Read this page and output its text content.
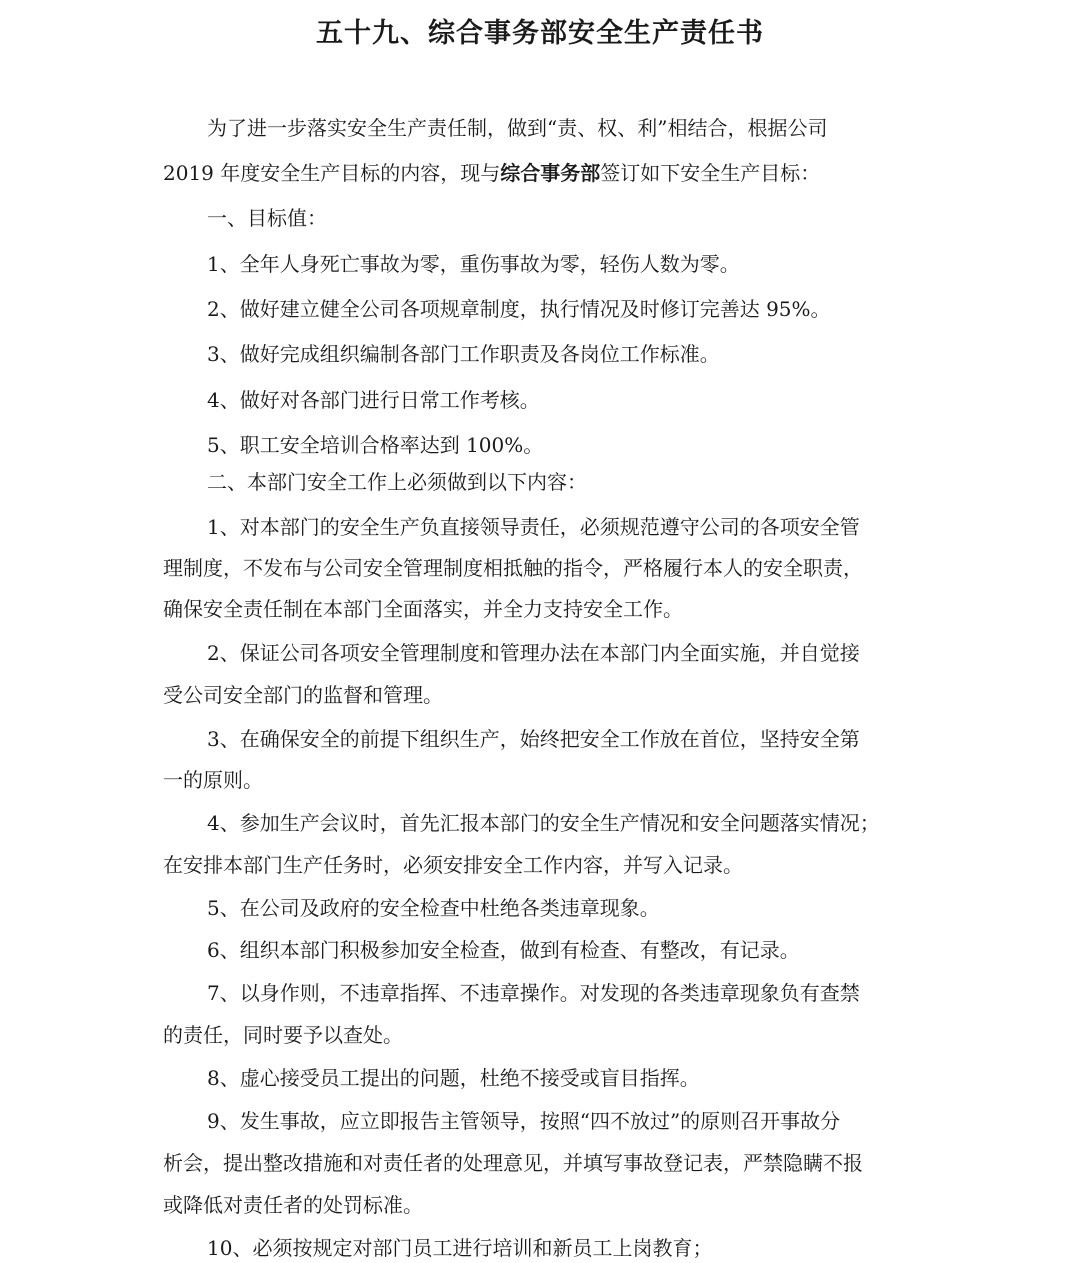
五十九、综合事务部安全生产责任书
为了进一步落实安全生产责任制，做到“责、权、利”相结合，根据公司
2019 年度安全生产目标的内容，现与综合事务部签订如下安全生产目标：
一、目标值：
1、全年人身死亡事故为零，重伤事故为零，轻伤人数为零。
2、做好建立健全公司各项规章制度，执行情况及时修订完善达 95%。
3、做好完成组织编制各部门工作职责及各岗位工作标准。
4、做好对各部门进行日常工作考核。
5、职工安全培训合格率达到 100%。
二、本部门安全工作上必须做到以下内容：
1、对本部门的安全生产负直接领导责任，必须规范遵守公司的各项安全管
理制度，不发布与公司安全管理制度相抵触的指令，严格履行本人的安全职责，
确保安全责任制在本部门全面落实，并全力支持安全工作。
2、保证公司各项安全管理制度和管理办法在本部门内全面实施，并自觉接
受公司安全部门的监督和管理。
3、在确保安全的前提下组织生产，始终把安全工作放在首位，坚持安全第
一的原则。
4、参加生产会议时，首先汇报本部门的安全生产情况和安全问题落实情况；
在安排本部门生产任务时，必须安排安全工作内容，并写入记录。
5、在公司及政府的安全检查中杜绝各类违章现象。
6、组织本部门积极参加安全检查，做到有检查、有整改，有记录。
7、以身作则，不违章指挥、不违章操作。对发现的各类违章现象负有查禁
的责任，同时要予以查处。
8、虚心接受员工提出的问题，杜绝不接受或盲目指挥。
9、发生事故，应立即报告主管领导，按照“四不放过”的原则召开事故分
析会，提出整改措施和对责任者的处理意见，并填写事故登记表，严禁隐瞒不报
或降低对责任者的处罚标准。
10、必须按规定对部门员工进行培训和新员工上岗教育；
